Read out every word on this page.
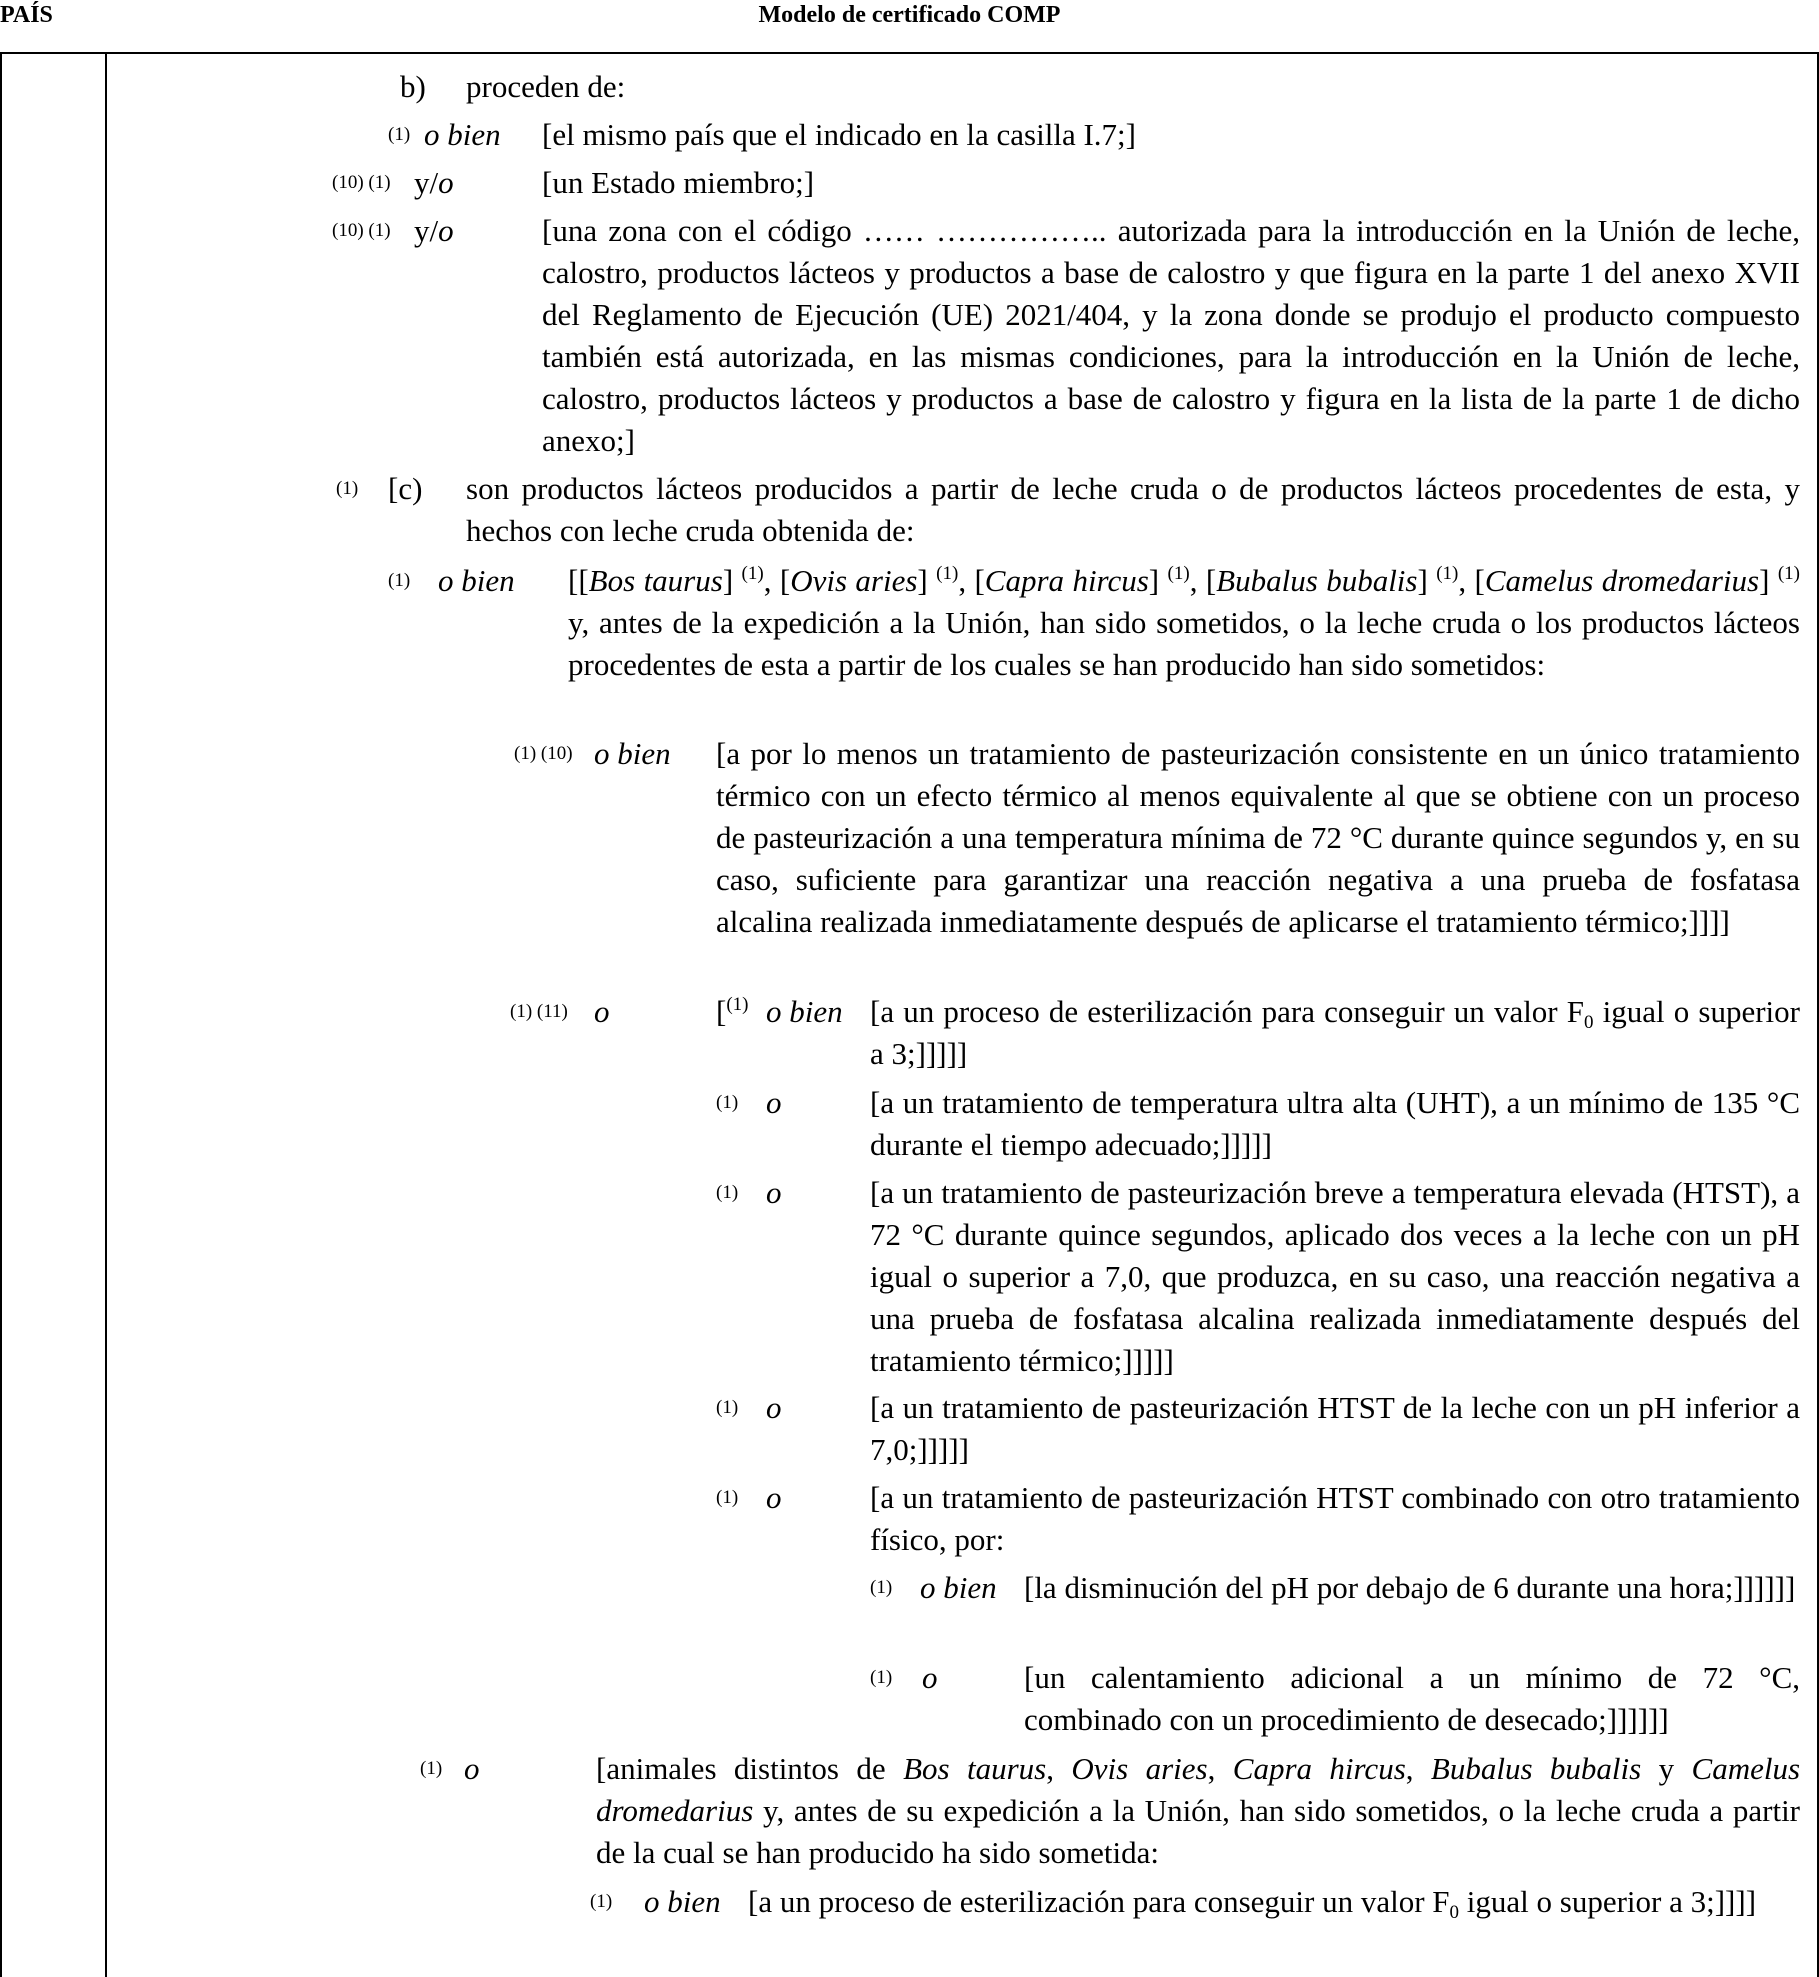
PAÍS	Modelo de certificado COMP
b) proceden de:
(1) o bien [el mismo país que el indicado en la casilla I.7;]
(10) (1) y/o	[un Estado miembro;]
(10) (1) y/o	[una zona con el código …… …………….. autorizada para la introducción en la Unión de leche, calostro, productos lácteos y productos a base de calostro y que figura en la parte 1 del anexo XVII del Reglamento de Ejecución (UE) 2021/404, y la zona donde se produjo el producto compuesto también está autorizada, en las mismas condiciones, para la introducción en la Unión de leche, calostro, productos lácteos y productos a base de calostro y figura en la lista de la parte 1 de dicho anexo;]
(1) [c) son productos lácteos producidos a partir de leche cruda o de productos lácteos procedentes de esta, y hechos con leche cruda obtenida de:
(1) o bien [[Bos taurus] $^{(1)}$, [Ovis aries] $^{(1)}$, [Capra hircus] $^{(1)}$, [Bubalus bubalis] $^{(1)}$, [Camelus dromedarius] $^{(1)}$ y, antes de la expedición a la Unión, han sido sometidos, o la leche cruda o los productos lácteos procedentes de esta a partir de los cuales se han producido han sido sometidos:
(1) (10) o bien [a por lo menos un tratamiento de pasteurización consistente en un único tratamiento térmico con un efecto térmico al menos equivalente al que se obtiene con un proceso de pasteurización a una temperatura mínima de 72 °C durante quince segundos y, en su caso, suficiente para garantizar una reacción negativa a una prueba de fosfatasa alcalina realizada inmediatamente después de aplicarse el tratamiento térmico;]]]]
(1) (11) o	[$^{(1)}$ o bien [a un proceso de esterilización para conseguir un valor $F_0$ igual o superior a 3;]]]]]
(1) o	[a un tratamiento de temperatura ultra alta (UHT), a un mínimo de 135 °C durante el tiempo adecuado;]]]]]
(1) o	[a un tratamiento de pasteurización breve a temperatura elevada (HTST), a 72 °C durante quince segundos, aplicado dos veces a la leche con un pH igual o superior a 7,0, que produzca, en su caso, una reacción negativa a una prueba de fosfatasa alcalina realizada inmediatamente después del tratamiento térmico;]]]]]
(1) o	[a un tratamiento de pasteurización HTST de la leche con un pH inferior a 7,0;]]]]]
(1) o	[a un tratamiento de pasteurización HTST combinado con otro tratamiento físico, por:
(1) o bien [la disminución del pH por debajo de 6 durante una hora;]]]]]]
(1) o	[un calentamiento adicional a un mínimo de 72 °C, combinado con un procedimiento de desecado;]]]]]]
(1) o	[animales distintos de Bos taurus, Ovis aries, Capra hircus, Bubalus bubalis y Camelus dromedarius y, antes de su expedición a la Unión, han sido sometidos, o la leche cruda a partir de la cual se han producido ha sido sometida:
(1) o bien [a un proceso de esterilización para conseguir un valor $F_0$ igual o superior a 3;]]]]
